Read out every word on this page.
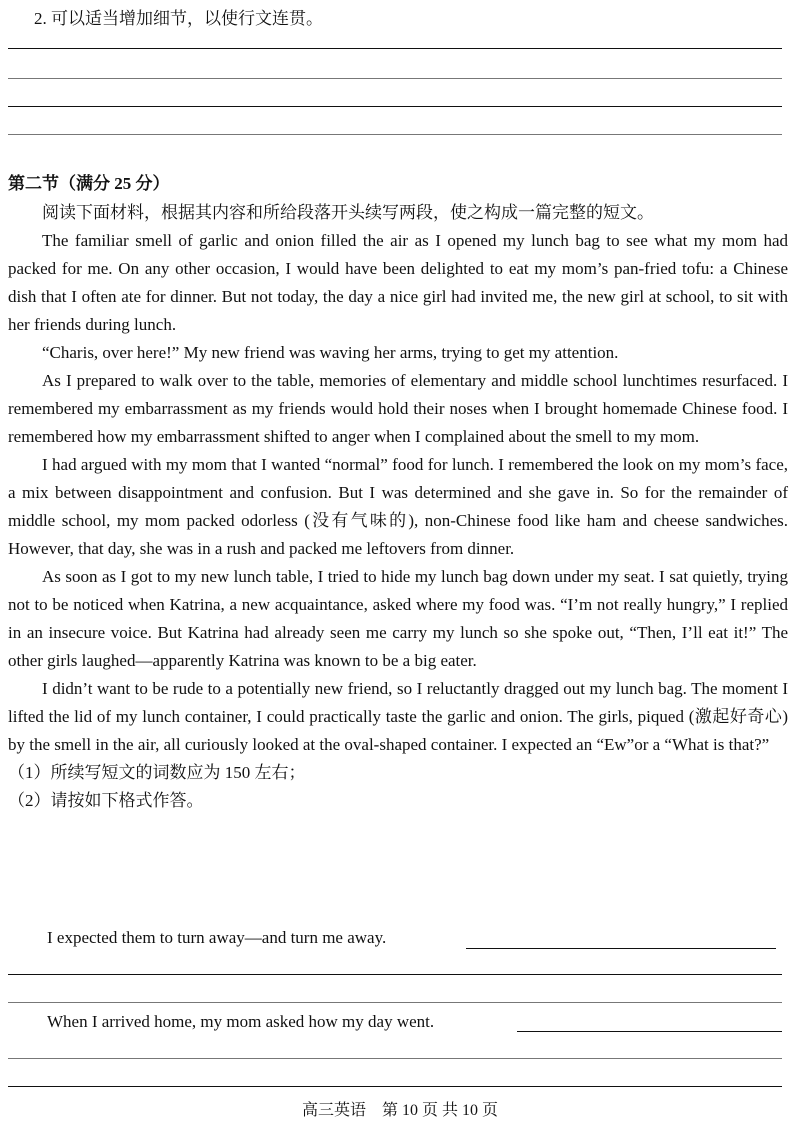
2. 可以适当增加细节，以使行文连贯。
第二节（满分 25 分）

阅读下面材料，根据其内容和所给段落开头续写两段，使之构成一篇完整的短文。

The familiar smell of garlic and onion filled the air as I opened my lunch bag to see what my mom had packed for me. On any other occasion, I would have been delighted to eat my mom’s pan-fried tofu: a Chinese dish that I often ate for dinner. But not today, the day a nice girl had invited me, the new girl at school, to sit with her friends during lunch.

“Charis, over here!” My new friend was waving her arms, trying to get my attention.

As I prepared to walk over to the table, memories of elementary and middle school lunchtimes resurfaced. I remembered my embarrassment as my friends would hold their noses when I brought homemade Chinese food. I remembered how my embarrassment shifted to anger when I complained about the smell to my mom.

I had argued with my mom that I wanted “normal” food for lunch. I remembered the look on my mom’s face, a mix between disappointment and confusion. But I was determined and she gave in. So for the remainder of middle school, my mom packed odorless (没有气味的), non-Chinese food like ham and cheese sandwiches. However, that day, she was in a rush and packed me leftovers from dinner.

As soon as I got to my new lunch table, I tried to hide my lunch bag down under my seat. I sat quietly, trying not to be noticed when Katrina, a new acquaintance, asked where my food was. “I’m not really hungry,” I replied in an insecure voice. But Katrina had already seen me carry my lunch so she spoke out, “Then, I’ll eat it!” The other girls laughed—apparently Katrina was known to be a big eater.

I didn’t want to be rude to a potentially new friend, so I reluctantly dragged out my lunch bag. The moment I lifted the lid of my lunch container, I could practically taste the garlic and onion. The girls, piqued (激起好奇心) by the smell in the air, all curiously looked at the oval-shaped container. I expected an “Ew”or a “What is that?”

（1）所续写短文的词数应为 150 左右；

（2）请按如下格式作答。

I expected them to turn away—and turn me away.
When I arrived home, my mom asked how my day went.
高三英语　第 10 页 共 10 页
